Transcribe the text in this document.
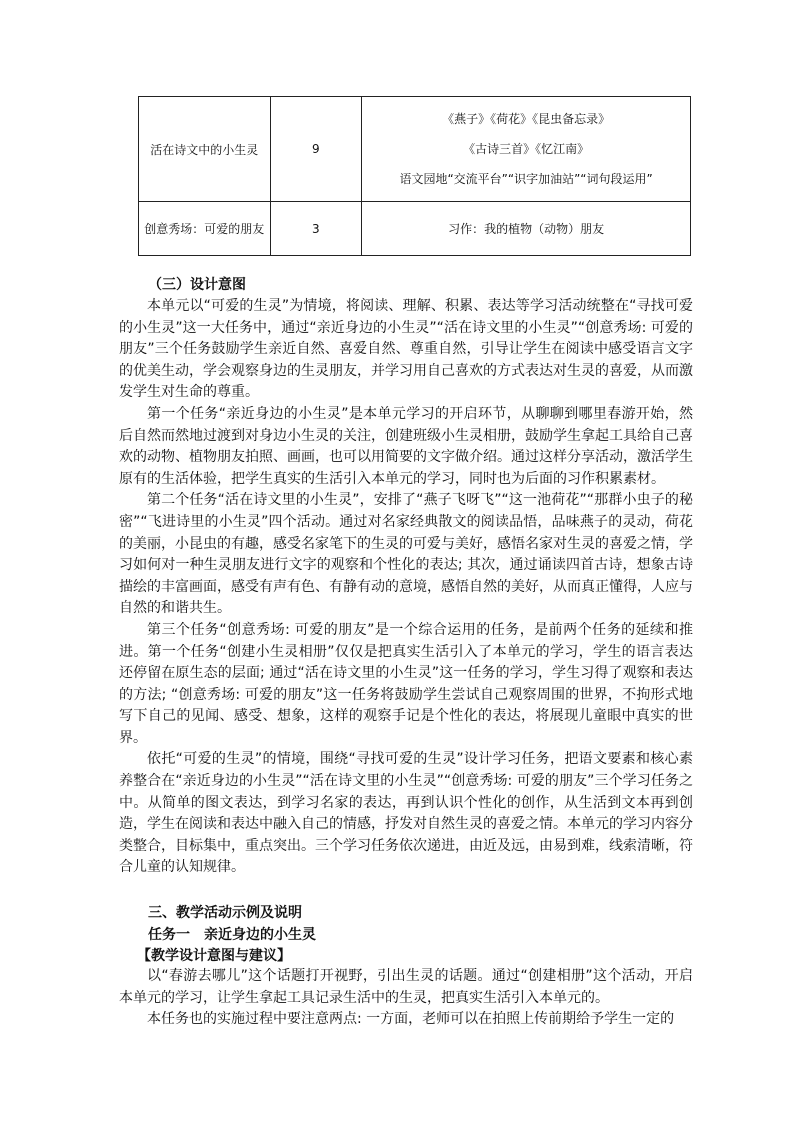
活在诗文中的小生灵	9	《燕子》《荷花》《昆虫备忘录》
《古诗三首》《忆江南》
语文园地“交流平台”“识字加油站”“词句段运用”

创意秀场：可爱的朋友	3	习作：我的植物（动物）朋友
（三）设计意图

本单元以“可爱的生灵”为情境，将阅读、理解、积累、表达等学习活动统整在“寻找可爱的小生灵”这一大任务中，通过“亲近身边的小生灵”“活在诗文里的小生灵”“创意秀场: 可爱的朋友”三个任务鼓励学生亲近自然、喜爱自然、尊重自然，引导让学生在阅读中感受语言文字的优美生动，学会观察身边的生灵朋友，并学习用自己喜欢的方式表达对生灵的喜爱，从而激发学生对生命的尊重。

第一个任务“亲近身边的小生灵”是本单元学习的开启环节，从聊聊到哪里春游开始，然后自然而然地过渡到对身边小生灵的关注，创建班级小生灵相册，鼓励学生拿起工具给自己喜欢的动物、植物朋友拍照、画画，也可以用简要的文字做介绍。通过这样分享活动，激活学生原有的生活体验，把学生真实的生活引入本单元的学习，同时也为后面的习作积累素材。

第二个任务“活在诗文里的小生灵”，安排了“燕子飞呀飞”“这一池荷花”“那群小虫子的秘密”“飞进诗里的小生灵”四个活动。通过对名家经典散文的阅读品悟，品味燕子的灵动，荷花的美丽，小昆虫的有趣，感受名家笔下的生灵的可爱与美好，感悟名家对生灵的喜爱之情，学习如何对一种生灵朋友进行文字的观察和个性化的表达; 其次，通过诵读四首古诗，想象古诗描绘的丰富画面，感受有声有色、有静有动的意境，感悟自然的美好，从而真正懂得，人应与自然的和谐共生。

第三个任务“创意秀场: 可爱的朋友”是一个综合运用的任务，是前两个任务的延续和推进。第一个任务“创建小生灵相册”仅仅是把真实生活引入了本单元的学习，学生的语言表达还停留在原生态的层面; 通过“活在诗文里的小生灵”这一任务的学习，学生习得了观察和表达的方法; “创意秀场: 可爱的朋友”这一任务将鼓励学生尝试自己观察周围的世界，不拘形式地写下自己的见闻、感受、想象，这样的观察手记是个性化的表达，将展现儿童眼中真实的世界。

依托“可爱的生灵”的情境，围绕“寻找可爱的生灵”设计学习任务，把语文要素和核心素养整合在“亲近身边的小生灵”“活在诗文里的小生灵”“创意秀场: 可爱的朋友”三个学习任务之中。从简单的图文表达，到学习名家的表达，再到认识个性化的创作，从生活到文本再到创造，学生在阅读和表达中融入自己的情感，抒发对自然生灵的喜爱之情。本单元的学习内容分类整合，目标集中，重点突出。三个学习任务依次递进，由近及远，由易到难，线索清晰，符合儿童的认知规律。

三、教学活动示例及说明
任务一　亲近身边的小生灵
【教学设计意图与建议】

以“春游去哪儿”这个话题打开视野，引出生灵的话题。通过“创建相册”这个活动，开启本单元的学习，让学生拿起工具记录生活中的生灵，把真实生活引入本单元的。

本任务也的实施过程中要注意两点: 一方面，老师可以在拍照上传前期给予学生一定的
